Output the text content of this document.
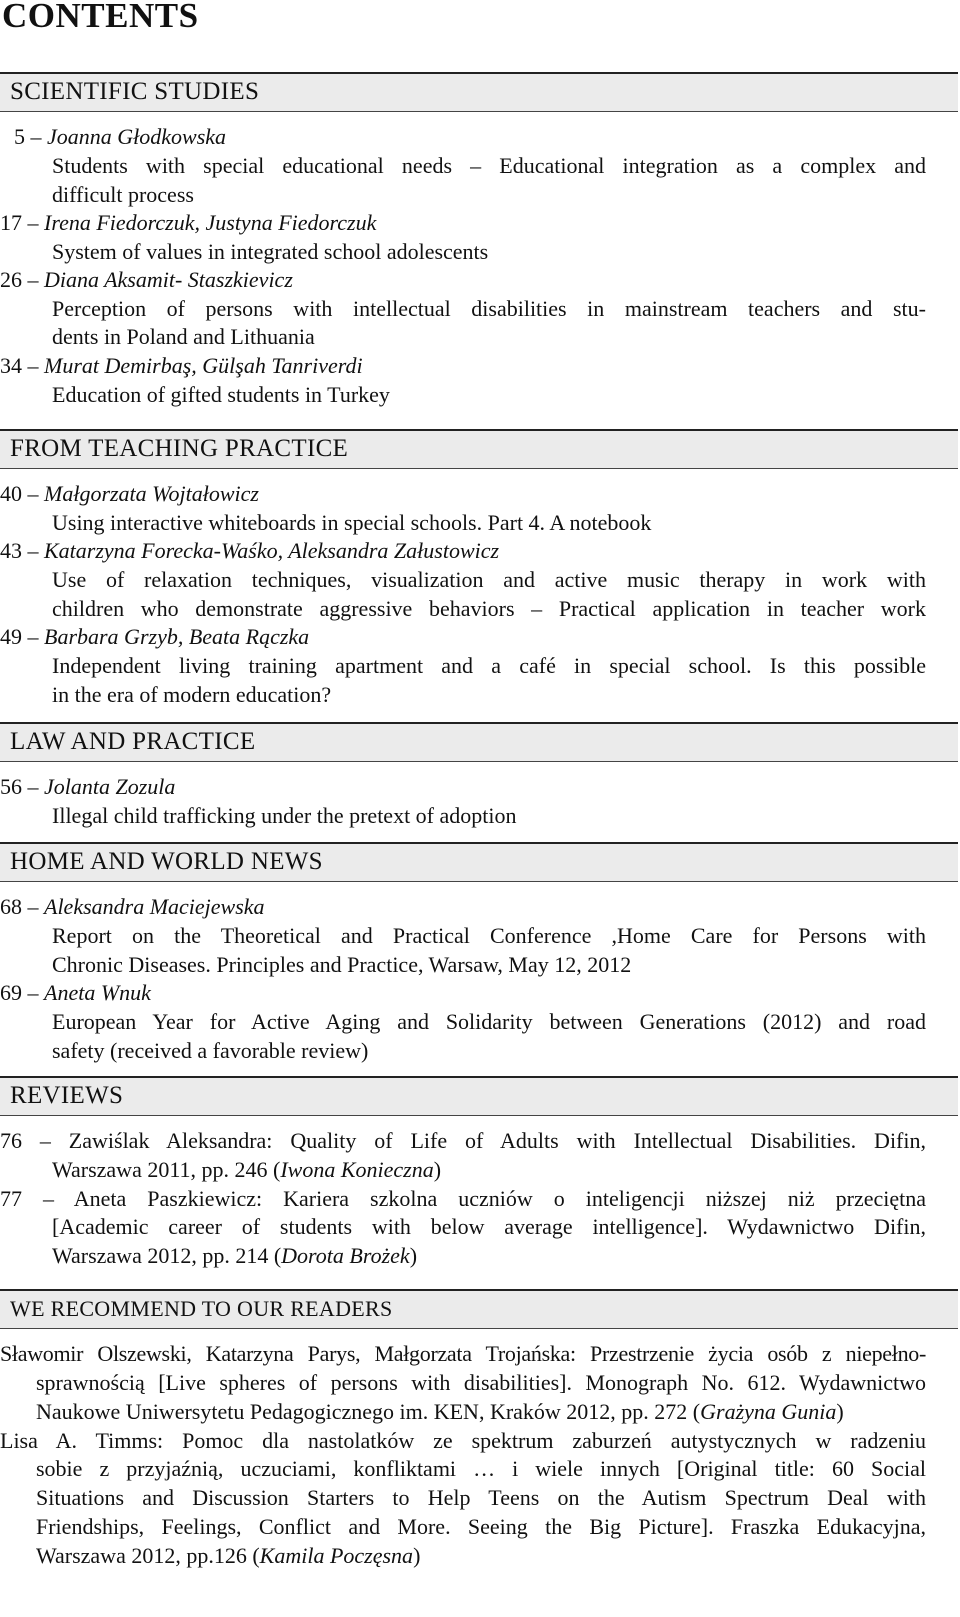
CONTENTS
SCIENTIFIC STUDIES
5 – Joanna Głodkowska
Students with special educational needs – Educational integration as a complex and
difficult process
17 – Irena Fiedorczuk, Justyna Fiedorczuk
System of values in integrated school adolescents
26 – Diana Aksamit- Staszkievicz
Perception of persons with intellectual disabilities in mainstream teachers and stu-
dents in Poland and Lithuania
34 – Murat Demirbaş, Gülşah Tanriverdi
Education of gifted students in Turkey
FROM TEACHING PRACTICE
40 – Małgorzata Wojtałowicz
Using interactive whiteboards in special schools. Part 4. A notebook
43 – Katarzyna Forecka-Waśko, Aleksandra Załustowicz
Use of relaxation techniques, visualization and active music therapy in work with
children who demonstrate aggressive behaviors – Practical application in teacher work
49 – Barbara Grzyb, Beata Rączka
Independent living training apartment and a café in special school. Is this possible
in the era of modern education?
LAW AND PRACTICE
56 – Jolanta Zozula
Illegal child trafficking under the pretext of adoption
HOME AND WORLD NEWS
68 – Aleksandra Maciejewska
Report on the Theoretical and Practical Conference ,Home Care for Persons with
Chronic Diseases. Principles and Practice, Warsaw, May 12, 2012
69 – Aneta Wnuk
European Year for Active Aging and Solidarity between Generations (2012) and road
safety (received a favorable review)
REVIEWS
76 – Zawiślak Aleksandra: Quality of Life of Adults with Intellectual Disabilities. Difin,
Warszawa 2011, pp. 246 (Iwona Konieczna)
77 – Aneta Paszkiewicz: Kariera szkolna uczniów o inteligencji niższej niż przeciętna
[Academic career of students with below average intelligence]. Wydawnictwo Difin,
Warszawa 2012, pp. 214 (Dorota Brożek)
WE RECOMMEND TO OUR READERS
Sławomir Olszewski, Katarzyna Parys, Małgorzata Trojańska: Przestrzenie życia osób z niepełno-
sprawnością [Live spheres of persons with disabilities]. Monograph No. 612. Wydawnictwo
Naukowe Uniwersytetu Pedagogicznego im. KEN, Kraków 2012, pp. 272 (Grażyna Gunia)
Lisa A. Timms: Pomoc dla nastolatków ze spektrum zaburzeń autystycznych w radzeniu
sobie z przyjaźnią, uczuciami, konfliktami … i wiele innych [Original title: 60 Social
Situations and Discussion Starters to Help Teens on the Autism Spectrum Deal with
Friendships, Feelings, Conflict and More. Seeing the Big Picture]. Fraszka Edukacyjna,
Warszawa 2012, pp.126 (Kamila Poczęsna)
